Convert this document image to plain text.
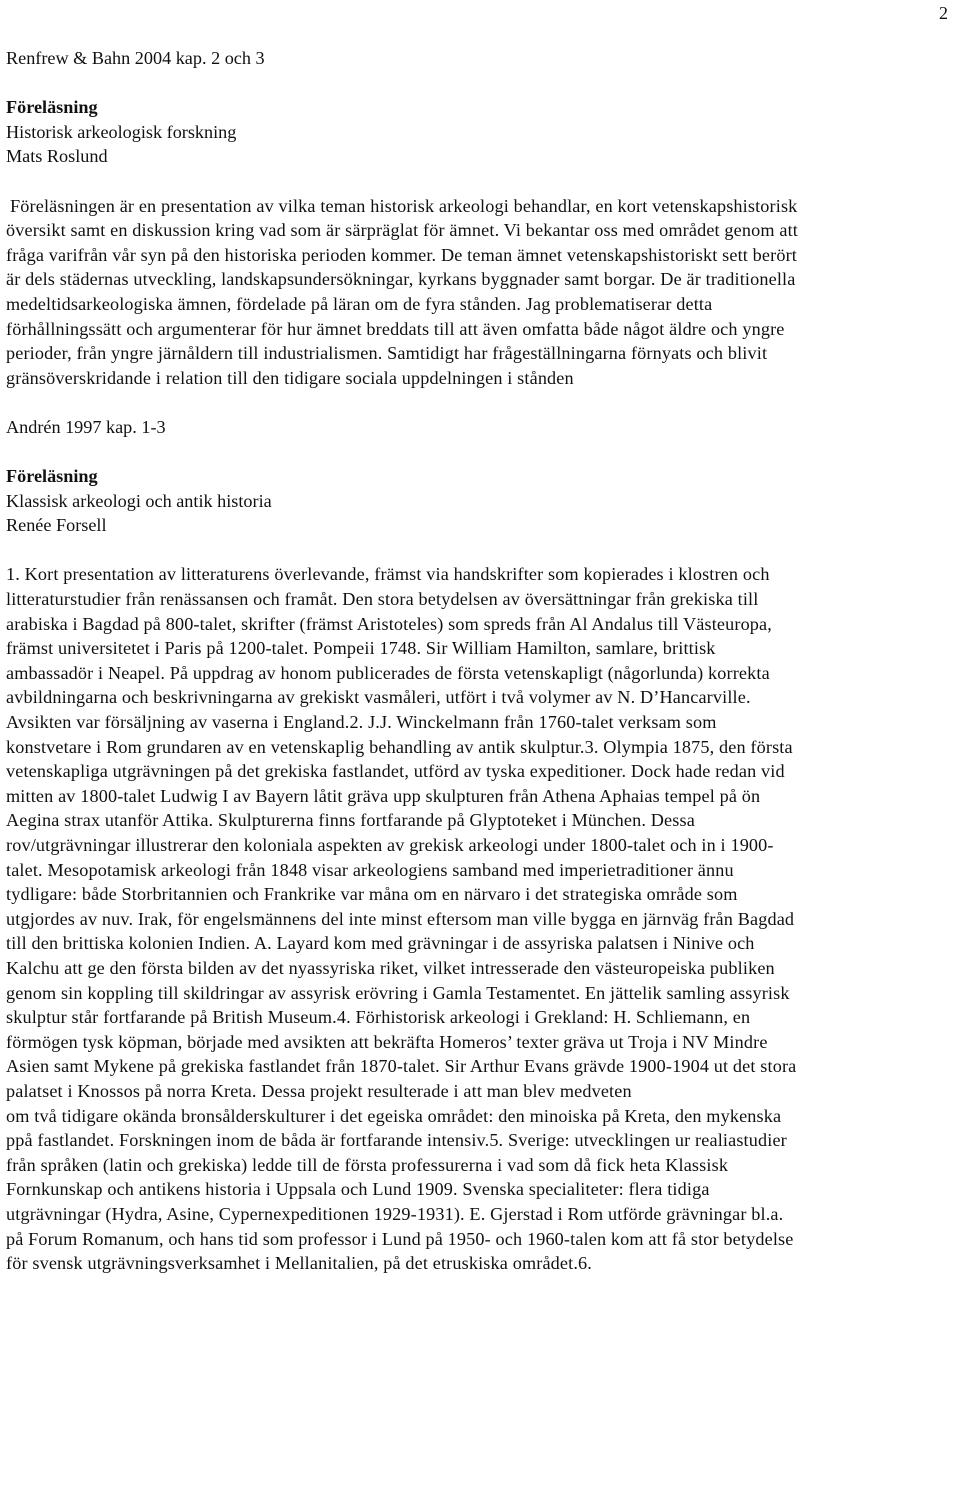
2

Renfrew & Bahn 2004 kap. 2 och 3

Föreläsning

Historisk arkeologisk forskning

Mats Roslund

Föreläsningen är en presentation av vilka teman historisk arkeologi behandlar, en kort vetenskapshistorisk översikt samt en diskussion kring vad som är särpräglat för ämnet. Vi bekantar oss med området genom att fråga varifrån vår syn på den historiska perioden kommer. De teman ämnet vetenskapshistoriskt sett berört är dels städernas utveckling, landskapsundersökningar, kyrkans byggnader samt borgar. De är traditionella medeltidsarkeologiska ämnen, fördelade på läran om de fyra stånden. Jag problematiserar detta förhållningssätt och argumenterar för hur ämnet breddats till att även omfatta både något äldre och yngre perioder, från yngre järnåldern till industrialismen. Samtidigt har frågeställningarna förnyats och blivit gränsöverskridande i relation till den tidigare sociala uppdelningen i stånden

Andrén 1997 kap. 1-3

Föreläsning

Klassisk arkeologi och antik historia

Renée Forsell

1. Kort presentation av litteraturens överlevande, främst via handskrifter som kopierades i klostren och litteraturstudier från renässansen och framåt. Den stora betydelsen av översättningar från grekiska till arabiska i Bagdad på 800-talet, skrifter (främst Aristoteles) som spreds från Al Andalus till Västeuropa, främst universitetet i Paris på 1200-talet. Pompeii 1748. Sir William Hamilton, samlare, brittisk ambassadör i Neapel. På uppdrag av honom publicerades de första vetenskapligt (någorlunda) korrekta avbildningarna och beskrivningarna av grekiskt vasmåleri, utfört i två volymer av N. D’Hancarville. Avsikten var försäljning av vaserna i England.2. J.J. Winckelmann från 1760-talet verksam som konstvetare i Rom grundaren av en vetenskaplig behandling av antik skulptur.3. Olympia 1875, den första vetenskapliga utgrävningen på det grekiska fastlandet, utförd av tyska expeditioner. Dock hade redan vid mitten av 1800-talet Ludwig I av Bayern låtit gräva upp skulpturen från Athena Aphaias tempel på ön Aegina strax utanför Attika. Skulpturerna finns fortfarande på Glyptoteket i München. Dessa rov/utgrävningar illustrerar den koloniala aspekten av grekisk arkeologi under 1800-talet och in i 1900-talet. Mesopotamisk arkeologi från 1848 visar arkeologiens samband med imperietraditioner ännu tydligare: både Storbritannien och Frankrike var måna om en närvaro i det strategiska område som utgjordes av nuv. Irak, för engelsmännens del inte minst eftersom man ville bygga en järnväg från Bagdad till den brittiska kolonien Indien. A. Layard kom med grävningar i de assyriska palatsen i Ninive och Kalchu att ge den första bilden av det nyassyriska riket, vilket intresserade den västeuropeiska publiken genom sin koppling till skildringar av assyrisk erövring i Gamla Testamentet. En jättelik samling assyrisk skulptur står fortfarande på British Museum.4. Förhistorisk arkeologi i Grekland: H. Schliemann, en förmögen tysk köpman, började med avsikten att bekräfta Homeros’ texter gräva ut Troja i NV Mindre Asien samt Mykene på grekiska fastlandet från 1870-talet. Sir Arthur Evans grävde 1900-1904 ut det stora palatset i Knossos på norra Kreta. Dessa projekt resulterade i att man blev medveten

om två tidigare okända bronsålderskulturer i det egeiska området: den minoiska på Kreta, den mykenska ppå fastlandet. Forskningen inom de båda är fortfarande intensiv.5. Sverige: utvecklingen ur realiastudier från språken (latin och grekiska) ledde till de första professurerna i vad som då fick heta Klassisk Fornkunskap och antikens historia i Uppsala och Lund 1909. Svenska specialiteter: flera tidiga utgrävningar (Hydra, Asine, Cypernexpeditionen 1929-1931). E. Gjerstad i Rom utförde grävningar bl.a. på Forum Romanum, och hans tid som professor i Lund på 1950- och 1960-talen kom att få stor betydelse för svensk utgrävningsverksamhet i Mellanitalien, på det etruskiska området.6.
